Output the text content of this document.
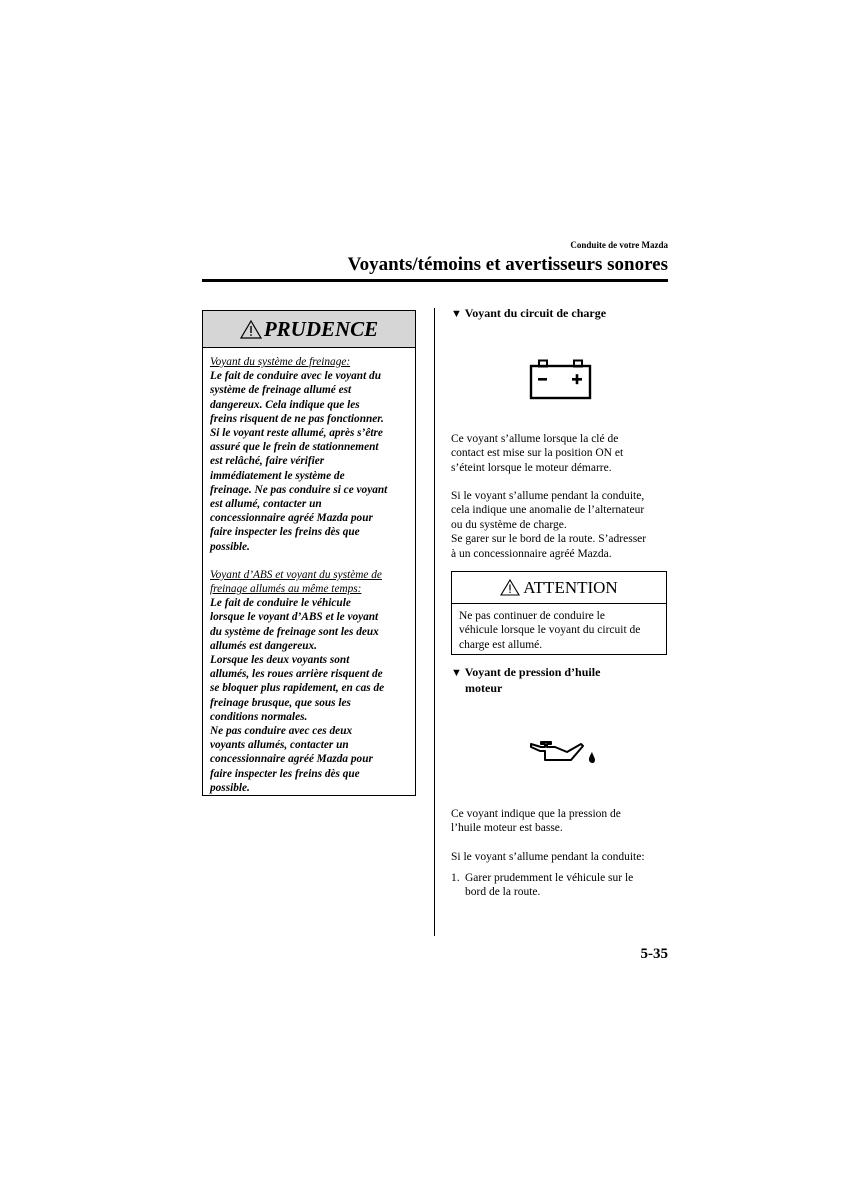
Conduite de votre Mazda
Voyants/témoins et avertisseurs sonores
PRUDENCE
Voyant du système de freinage:
Le fait de conduire avec le voyant du
système de freinage allumé est
dangereux. Cela indique que les
freins risquent de ne pas fonctionner.
Si le voyant reste allumé, après s’être
assuré que le frein de stationnement
est relâché, faire vérifier
immédiatement le système de
freinage. Ne pas conduire si ce voyant
est allumé, contacter un
concessionnaire agréé Mazda pour
faire inspecter les freins dès que
possible.
Voyant d’ABS et voyant du système de
freinage allumés au même temps:
Le fait de conduire le véhicule
lorsque le voyant d’ABS et le voyant
du système de freinage sont les deux
allumés est dangereux.
Lorsque les deux voyants sont
allumés, les roues arrière risquent de
se bloquer plus rapidement, en cas de
freinage brusque, que sous les
conditions normales.
Ne pas conduire avec ces deux
voyants allumés, contacter un
concessionnaire agréé Mazda pour
faire inspecter les freins dès que
possible.
▼ Voyant du circuit de charge
Ce voyant s’allume lorsque la clé de
contact est mise sur la position ON et
s’éteint lorsque le moteur démarre.
Si le voyant s’allume pendant la conduite,
cela indique une anomalie de l’alternateur
ou du système de charge.
Se garer sur le bord de la route. S’adresser
à un concessionnaire agréé Mazda.
ATTENTION
Ne pas continuer de conduire le
véhicule lorsque le voyant du circuit de
charge est allumé.
▼ Voyant de pression d’huile
moteur
Ce voyant indique que la pression de
l’huile moteur est basse.
Si le voyant s’allume pendant la conduite:
1. Garer prudemment le véhicule sur le
bord de la route.
5-35
